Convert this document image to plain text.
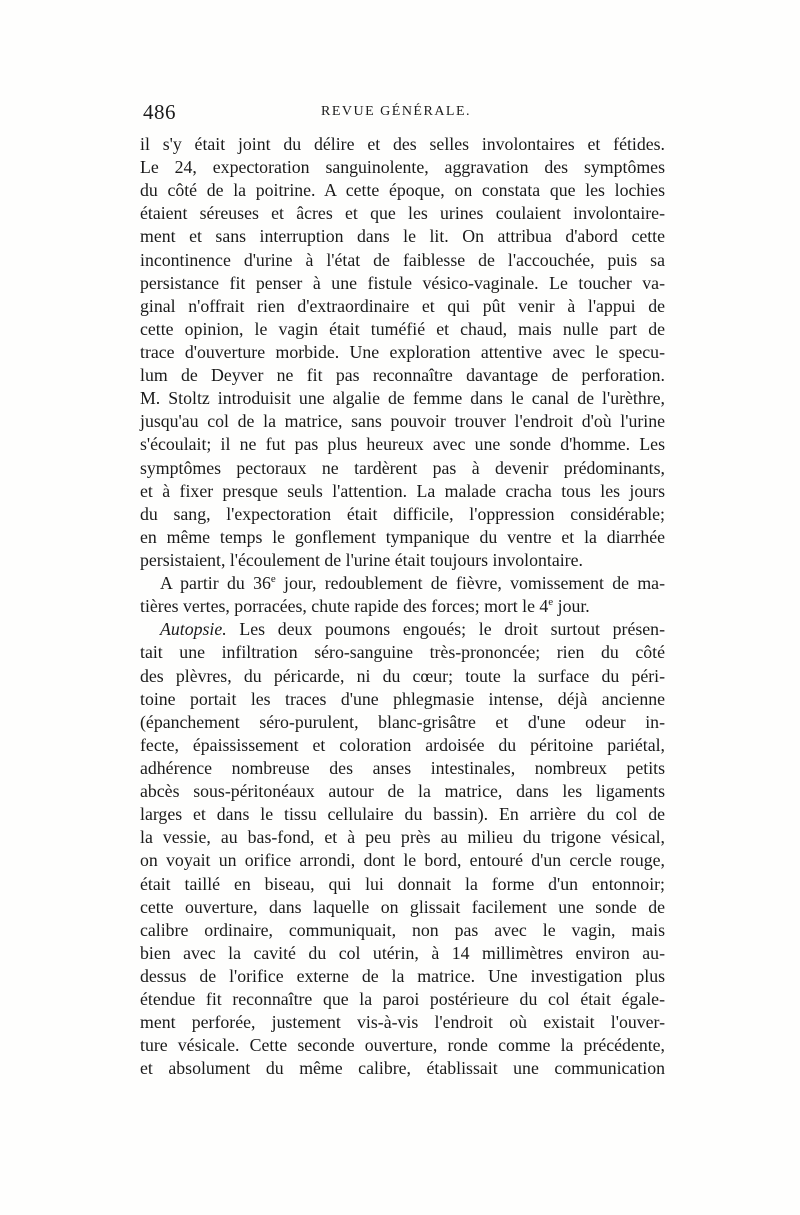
486	REVUE GÉNÉRALE.
il s'y était joint du délire et des selles involontaires et fétides.
Le 24, expectoration sanguinolente, aggravation des symptômes
du côté de la poitrine. A cette époque, on constata que les lochies
étaient séreuses et âcres et que les urines coulaient involontaire-
ment et sans interruption dans le lit. On attribua d'abord cette
incontinence d'urine à l'état de faiblesse de l'accouchée, puis sa
persistance fit penser à une fistule vésico-vaginale. Le toucher va-
ginal n'offrait rien d'extraordinaire et qui pût venir à l'appui de
cette opinion, le vagin était tuméfié et chaud, mais nulle part de
trace d'ouverture morbide. Une exploration attentive avec le specu-
lum de Deyver ne fit pas reconnaître davantage de perforation.
M. Stoltz introduisit une algalie de femme dans le canal de l'urèthre,
jusqu'au col de la matrice, sans pouvoir trouver l'endroit d'où l'urine
s'écoulait; il ne fut pas plus heureux avec une sonde d'homme. Les
symptômes pectoraux ne tardèrent pas à devenir prédominants,
et à fixer presque seuls l'attention. La malade cracha tous les jours
du sang, l'expectoration était difficile, l'oppression considérable;
en même temps le gonflement tympanique du ventre et la diarrhée
persistaient, l'écoulement de l'urine était toujours involontaire.
A partir du 36e jour, redoublement de fièvre, vomissement de ma-
tières vertes, porracées, chute rapide des forces; mort le 4e jour.
Autopsie. Les deux poumons engoués; le droit surtout présen-
tait une infiltration séro-sanguine très-prononcée; rien du côté
des plèvres, du péricarde, ni du cœur; toute la surface du péri-
toine portait les traces d'une phlegmasie intense, déjà ancienne
(épanchement séro-purulent, blanc-grisâtre et d'une odeur in-
fecte, épaississement et coloration ardoisée du péritoine pariétal,
adhérence nombreuse des anses intestinales, nombreux petits
abcès sous-péritonéaux autour de la matrice, dans les ligaments
larges et dans le tissu cellulaire du bassin). En arrière du col de
la vessie, au bas-fond, et à peu près au milieu du trigone vésical,
on voyait un orifice arrondi, dont le bord, entouré d'un cercle rouge,
était taillé en biseau, qui lui donnait la forme d'un entonnoir;
cette ouverture, dans laquelle on glissait facilement une sonde de
calibre ordinaire, communiquait, non pas avec le vagin, mais
bien avec la cavité du col utérin, à 14 millimètres environ au-
dessus de l'orifice externe de la matrice. Une investigation plus
étendue fit reconnaître que la paroi postérieure du col était égale-
ment perforée, justement vis-à-vis l'endroit où existait l'ouver-
ture vésicale. Cette seconde ouverture, ronde comme la précédente,
et absolument du même calibre, établissait une communication
